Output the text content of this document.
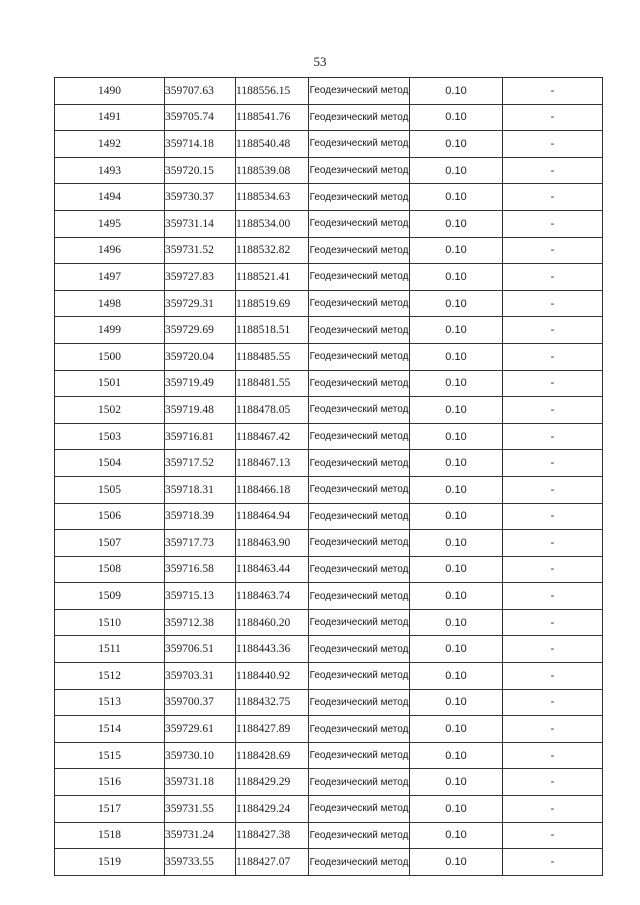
53
1490	359707.63	1188556.15	Геодезический метод	0.10	-
1491	359705.74	1188541.76	Геодезический метод	0.10	-
1492	359714.18	1188540.48	Геодезический метод	0.10	-
1493	359720.15	1188539.08	Геодезический метод	0.10	-
1494	359730.37	1188534.63	Геодезический метод	0.10	-
1495	359731.14	1188534.00	Геодезический метод	0.10	-
1496	359731.52	1188532.82	Геодезический метод	0.10	-
1497	359727.83	1188521.41	Геодезический метод	0.10	-
1498	359729.31	1188519.69	Геодезический метод	0.10	-
1499	359729.69	1188518.51	Геодезический метод	0.10	-
1500	359720.04	1188485.55	Геодезический метод	0.10	-
1501	359719.49	1188481.55	Геодезический метод	0.10	-
1502	359719.48	1188478.05	Геодезический метод	0.10	-
1503	359716.81	1188467.42	Геодезический метод	0.10	-
1504	359717.52	1188467.13	Геодезический метод	0.10	-
1505	359718.31	1188466.18	Геодезический метод	0.10	-
1506	359718.39	1188464.94	Геодезический метод	0.10	-
1507	359717.73	1188463.90	Геодезический метод	0.10	-
1508	359716.58	1188463.44	Геодезический метод	0.10	-
1509	359715.13	1188463.74	Геодезический метод	0.10	-
1510	359712.38	1188460.20	Геодезический метод	0.10	-
1511	359706.51	1188443.36	Геодезический метод	0.10	-
1512	359703.31	1188440.92	Геодезический метод	0.10	-
1513	359700.37	1188432.75	Геодезический метод	0.10	-
1514	359729.61	1188427.89	Геодезический метод	0.10	-
1515	359730.10	1188428.69	Геодезический метод	0.10	-
1516	359731.18	1188429.29	Геодезический метод	0.10	-
1517	359731.55	1188429.24	Геодезический метод	0.10	-
1518	359731.24	1188427.38	Геодезический метод	0.10	-
1519	359733.55	1188427.07	Геодезический метод	0.10	-
